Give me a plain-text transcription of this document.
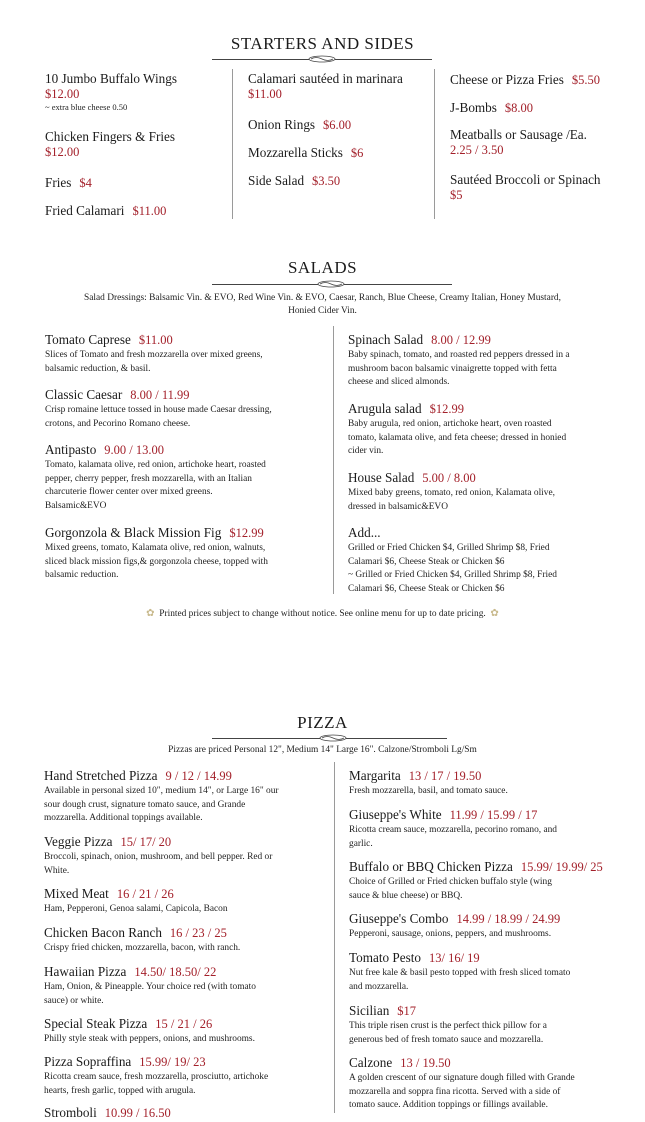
STARTERS AND SIDES
10 Jumbo Buffalo Wings
$12.00
~ extra blue cheese 0.50
Chicken Fingers & Fries
$12.00
Fries $4
Fried Calamari $11.00
Calamari sautéed in marinara
$11.00
Onion Rings $6.00
Mozzarella Sticks $6
Side Salad $3.50
Cheese or Pizza Fries $5.50
J-Bombs $8.00
Meatballs or Sausage /Ea.
2.25 / 3.50
Sautéed Broccoli or Spinach
$5
SALADS
Salad Dressings: Balsamic Vin. & EVO, Red Wine Vin. & EVO, Caesar, Ranch, Blue Cheese, Creamy Italian, Honey Mustard,
Honied Cider Vin.
Tomato Caprese $11.00
Slices of Tomato and fresh mozzarella over mixed greens,
balsamic reduction, & basil.
Classic Caesar 8.00 / 11.99
Crisp romaine lettuce tossed in house made Caesar dressing,
crotons, and Pecorino Romano cheese.
Antipasto 9.00 / 13.00
Tomato, kalamata olive, red onion, artichoke heart, roasted
pepper, cherry pepper, fresh mozzarella, with an Italian
charcuterie flower center over mixed greens.
Balsamic&EVO
Gorgonzola & Black Mission Fig $12.99
Mixed greens, tomato, Kalamata olive, red onion, walnuts,
sliced black mission figs,& gorgonzola cheese, topped with
balsamic reduction.
Spinach Salad 8.00 / 12.99
Baby spinach, tomato, and roasted red peppers dressed in a
mushroom bacon balsamic vinaigrette topped with fetta
cheese and sliced almonds.
Arugula salad $12.99
Baby arugula, red onion, artichoke heart, oven roasted
tomato, kalamata olive, and feta cheese; dressed in honied
cider vin.
House Salad 5.00 / 8.00
Mixed baby greens, tomato, red onion, Kalamata olive,
dressed in balsamic&EVO
Add...
Grilled or Fried Chicken $4, Grilled Shrimp $8, Fried
Calamari $6, Cheese Steak or Chicken $6
~ Grilled or Fried Chicken $4, Grilled Shrimp $8, Fried
Calamari $6, Cheese Steak or Chicken $6
✿ Printed prices subject to change without notice. See online menu for up to date pricing. ✿
PIZZA
Pizzas are priced Personal 12", Medium 14" Large 16". Calzone/Stromboli Lg/Sm
Hand Stretched Pizza 9 / 12 / 14.99
Available in personal sized 10", medium 14", or Large 16" our
sour dough crust, signature tomato sauce, and Grande
mozzarella. Additional toppings available.
Veggie Pizza 15/ 17/ 20
Broccoli, spinach, onion, mushroom, and bell pepper. Red or
White.
Mixed Meat 16 / 21 / 26
Ham, Pepperoni, Genoa salami, Capicola, Bacon
Chicken Bacon Ranch 16 / 23 / 25
Crispy fried chicken, mozzarella, bacon, with ranch.
Hawaiian Pizza 14.50/ 18.50/ 22
Ham, Onion, & Pineapple. Your choice red (with tomato
sauce) or white.
Special Steak Pizza 15 / 21 / 26
Philly style steak with peppers, onions, and mushrooms.
Pizza Sopraffina 15.99/ 19/ 23
Ricotta cream sauce, fresh mozzarella, prosciutto, artichoke
hearts, fresh garlic, topped with arugula.
Stromboli 10.99 / 16.50
Margarita 13 / 17 / 19.50
Fresh mozzarella, basil, and tomato sauce.
Giuseppe's White 11.99 / 15.99 / 17
Ricotta cream sauce, mozzarella, pecorino romano, and
garlic.
Buffalo or BBQ Chicken Pizza 15.99/ 19.99/ 25
Choice of Grilled or Fried chicken buffalo style (wing
sauce & blue cheese) or BBQ.
Giuseppe's Combo 14.99 / 18.99 / 24.99
Pepperoni, sausage, onions, peppers, and mushrooms.
Tomato Pesto 13/ 16/ 19
Nut free kale & basil pesto topped with fresh sliced tomato
and mozzarella.
Sicilian $17
This triple risen crust is the perfect thick pillow for a
generous bed of fresh tomato sauce and mozzarella.
Calzone 13 / 19.50
A golden crescent of our signature dough filled with Grande
mozzarella and soppra fina ricotta. Served with a side of
tomato sauce. Addition toppings or fillings available.
